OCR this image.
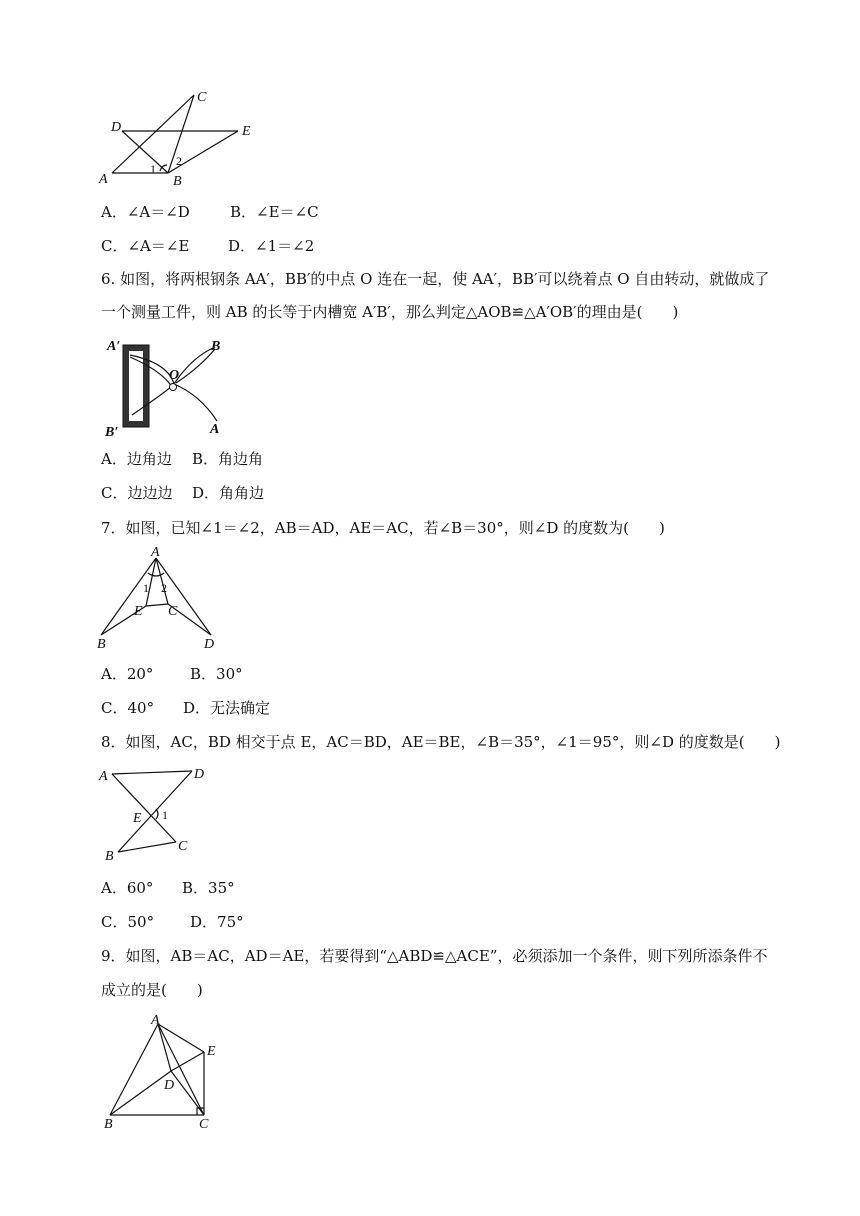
C
D	E
A	B
1
2
A．∠A＝∠D	B．∠E＝∠C
C．∠A＝∠E	D．∠1＝∠2
6. 如图，将两根钢条 AA′，BB′的中点 O 连在一起，使 AA′，BB′可以绕着点 O 自由转动，就做成了
一个测量工件，则 AB 的长等于内槽宽 A′B′，那么判定△AOB≌△A′OB′的理由是(　　)
A′
B′
O
B
A
A．边角边 B．角边角
C．边边边 D．角角边
7．如图，已知∠1＝∠2，AB＝AD，AE＝AC，若∠B＝30°，则∠D 的度数为(　　)
A
B	D
E C
1 2
A．20° B．30°
C．40° D．无法确定
8．如图，AC，BD 相交于点 E，AC＝BD，AE＝BE，∠B＝35°，∠1＝95°，则∠D 的度数是(　　)
A	D
E 1
B
C
A．60° B．35°
C．50° D．75°
9．如图，AB＝AC，AD＝AE，若要得到“△ABD≌△ACE”，必须添加一个条件，则下列所添条件不
成立的是(　　)
A
E
D
B	C
